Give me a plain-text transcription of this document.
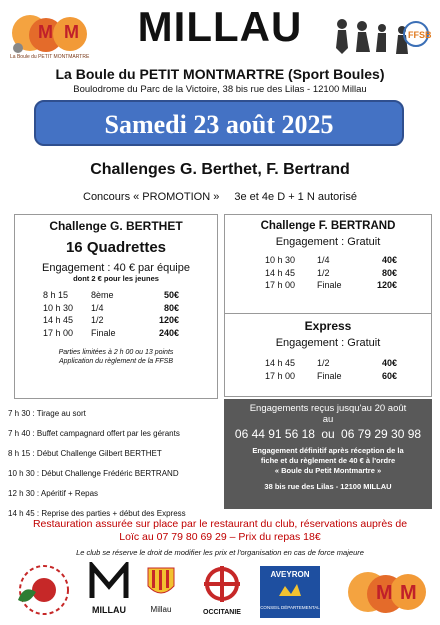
M M
La Boule du PETIT MONTMARTRE
FFSB
MILLAU
La Boule du PETIT MONTMARTRE (Sport Boules)
Boulodrome du Parc de la Victoire, 38 bis rue des Lilas - 12100 Millau
Samedi 23 août 2025
Challenges G. Berthet, F. Bertrand
Concours « PROMOTION » 3e et 4e D + 1 N autorisé
Challenge G. BERTHET
16 Quadrettes
Engagement : 40 € par équipe
dont 2 € pour les jeunes
8 h 15	8ème	50€
10 h 30	1/4	80€
14 h 45	1/2	120€
17 h 00	Finale	240€
Parties limitées à 2 h 00 ou 13 points
Application du règlement de la FFSB
Challenge F. BERTRAND
Engagement : Gratuit
10 h 30	1/4	40€
14 h 45	1/2	80€
17 h 00	Finale	120€
Express
Engagement : Gratuit
14 h 45	1/2	40€
17 h 00	Finale	60€
7 h 30 : Tirage au sort
7 h 40 : Buffet campagnard offert par les gérants
8 h 15 : Début Challenge Gilbert BERTHET
10 h 30 : Début Challenge Frédéric BERTRAND
12 h 30 : Apéritif + Repas
14 h 45 : Reprise des parties + début des Express
Engagements reçus jusqu'au 20 août
au
06 44 91 56 18 ou 06 79 29 30 98
Engagement définitif après réception de la
fiche et du règlement de 40 € à l'ordre
« Boule du Petit Montmartre »
38 bis rue des Lilas - 12100 MILLAU
Restauration assurée sur place par le restaurant du club, réservations auprès de
Loïc au 07 79 80 69 29 – Prix du repas 18€
Le club se réserve le droit de modifier les prix et l'organisation en cas de force majeure
MILLAU	Millau	OCCITANIE
AVEYRON
CONSEIL DÉPARTEMENTAL
M M
